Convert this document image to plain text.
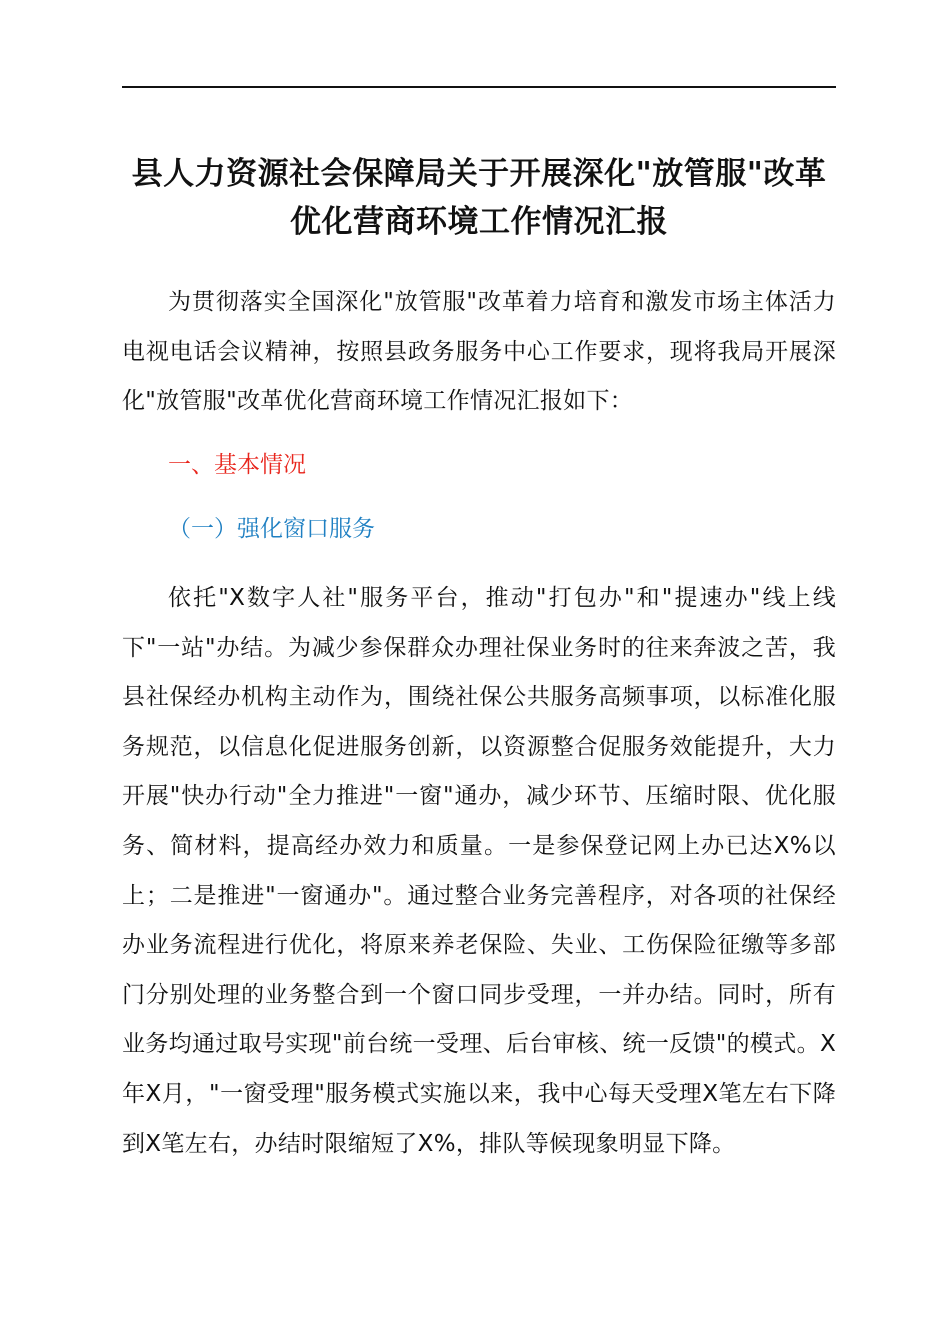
县人力资源社会保障局关于开展深化"放管服"改革优化营商环境工作情况汇报
为贯彻落实全国深化"放管服"改革着力培育和激发市场主体活力电视电话会议精神，按照县政务服务中心工作要求，现将我局开展深化"放管服"改革优化营商环境工作情况汇报如下：
一、基本情况
（一）强化窗口服务
依托"X数字人社"服务平台，推动"打包办"和"提速办"线上线下"一站"办结。为减少参保群众办理社保业务时的往来奔波之苦，我县社保经办机构主动作为，围绕社保公共服务高频事项，以标准化服务规范，以信息化促进服务创新，以资源整合促服务效能提升，大力开展"快办行动"全力推进"一窗"通办，减少环节、压缩时限、优化服务、简材料，提高经办效力和质量。一是参保登记网上办已达X%以上；二是推进"一窗通办"。通过整合业务完善程序，对各项的社保经办业务流程进行优化，将原来养老保险、失业、工伤保险征缴等多部门分别处理的业务整合到一个窗口同步受理，一并办结。同时，所有业务均通过取号实现"前台统一受理、后台审核、统一反馈"的模式。X年X月，"一窗受理"服务模式实施以来，我中心每天受理X笔左右下降到X笔左右，办结时限缩短了X%，排队等候现象明显下降。
